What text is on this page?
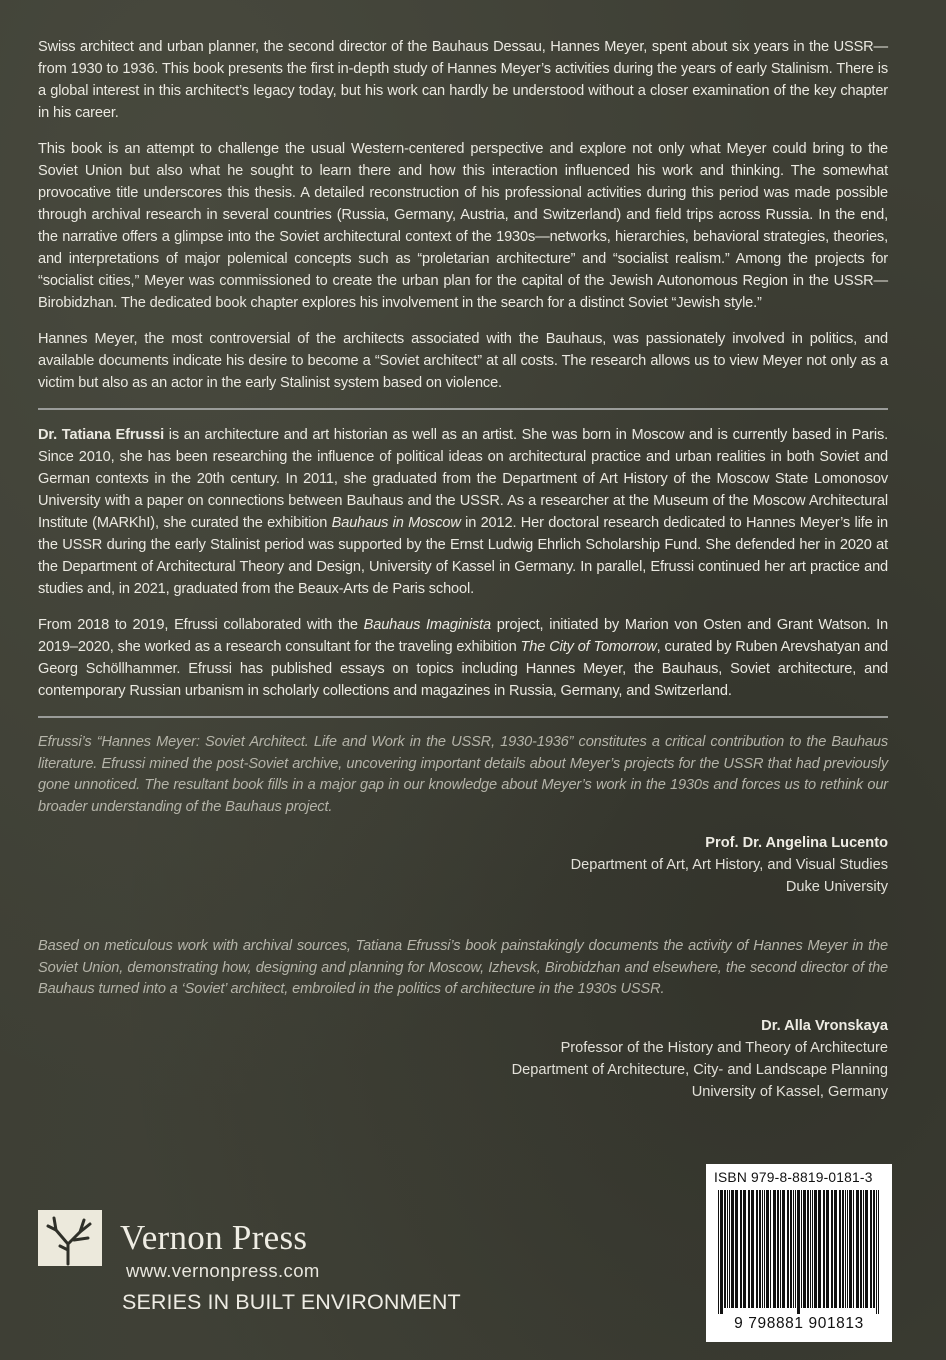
Swiss architect and urban planner, the second director of the Bauhaus Dessau, Hannes Meyer, spent about six years in the USSR—from 1930 to 1936. This book presents the first in-depth study of Hannes Meyer’s activities during the years of early Stalinism. There is a global interest in this architect’s legacy today, but his work can hardly be understood without a closer examination of the key chapter in his career.

This book is an attempt to challenge the usual Western-centered perspective and explore not only what Meyer could bring to the Soviet Union but also what he sought to learn there and how this interaction influenced his work and thinking. The somewhat provocative title underscores this thesis. A detailed reconstruction of his professional activities during this period was made possible through archival research in several countries (Russia, Germany, Austria, and Switzerland) and field trips across Russia. In the end, the narrative offers a glimpse into the Soviet architectural context of the 1930s—networks, hierarchies, behavioral strategies, theories, and interpretations of major polemical concepts such as “proletarian architecture” and “socialist realism.” Among the projects for “socialist cities,” Meyer was commissioned to create the urban plan for the capital of the Jewish Autonomous Region in the USSR—Birobidzhan. The dedicated book chapter explores his involvement in the search for a distinct Soviet “Jewish style.”

Hannes Meyer, the most controversial of the architects associated with the Bauhaus, was passionately involved in politics, and available documents indicate his desire to become a “Soviet architect” at all costs. The research allows us to view Meyer not only as a victim but also as an actor in the early Stalinist system based on violence.

Dr. Tatiana Efrussi is an architecture and art historian as well as an artist. She was born in Moscow and is currently based in Paris. Since 2010, she has been researching the influence of political ideas on architectural practice and urban realities in both Soviet and German contexts in the 20th century. In 2011, she graduated from the Department of Art History of the Moscow State Lomonosov University with a paper on connections between Bauhaus and the USSR. As a researcher at the Museum of the Moscow Architectural Institute (MARKhI), she curated the exhibition Bauhaus in Moscow in 2012. Her doctoral research dedicated to Hannes Meyer’s life in the USSR during the early Stalinist period was supported by the Ernst Ludwig Ehrlich Scholarship Fund. She defended her in 2020 at the Department of Architectural Theory and Design, University of Kassel in Germany. In parallel, Efrussi continued her art practice and studies and, in 2021, graduated from the Beaux-Arts de Paris school.

From 2018 to 2019, Efrussi collaborated with the Bauhaus Imaginista project, initiated by Marion von Osten and Grant Watson. In 2019–2020, she worked as a research consultant for the traveling exhibition The City of Tomorrow, curated by Ruben Arevshatyan and Georg Schöllhammer. Efrussi has published essays on topics including Hannes Meyer, the Bauhaus, Soviet architecture, and contemporary Russian urbanism in scholarly collections and magazines in Russia, Germany, and Switzerland.

Efrussi’s “Hannes Meyer: Soviet Architect. Life and Work in the USSR, 1930-1936” constitutes a critical contribution to the Bauhaus literature. Efrussi mined the post-Soviet archive, uncovering important details about Meyer’s projects for the USSR that had previously gone unnoticed. The resultant book fills in a major gap in our knowledge about Meyer’s work in the 1930s and forces us to rethink our broader understanding of the Bauhaus project.

Prof. Dr. Angelina Lucento
Department of Art, Art History, and Visual Studies
Duke University

Based on meticulous work with archival sources, Tatiana Efrussi’s book painstakingly documents the activity of Hannes Meyer in the Soviet Union, demonstrating how, designing and planning for Moscow, Izhevsk, Birobidzhan and elsewhere, the second director of the Bauhaus turned into a ‘Soviet’ architect, embroiled in the politics of architecture in the 1930s USSR.

Dr. Alla Vronskaya
Professor of the History and Theory of Architecture
Department of Architecture, City- and Landscape Planning
University of Kassel, Germany
Vernon Press
www.vernonpress.com
SERIES IN BUILT ENVIRONMENT
ISBN 979-8-8819-0181-3
9 798881 901813
